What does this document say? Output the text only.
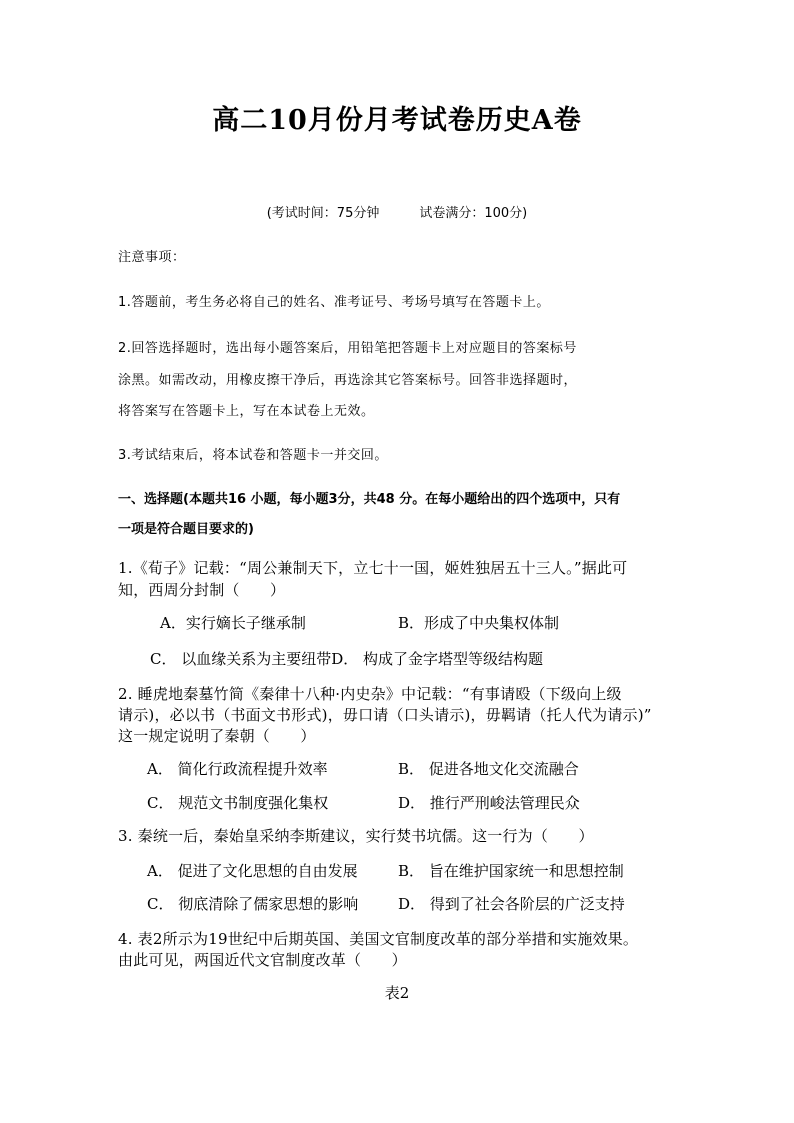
高二10月份月考试卷历史A卷
(考试时间：75分钟	试卷满分：100分)
注意事项：
1.答题前，考生务必将自己的姓名、准考证号、考场号填写在答题卡上。
2.回答选择题时，选出每小题答案后，用铅笔把答题卡上对应题目的答案标号
涂黑。如需改动，用橡皮擦干净后，再选涂其它答案标号。回答非选择题时，
将答案写在答题卡上，写在本试卷上无效。
3.考试结束后，将本试卷和答题卡一并交回。
一、选择题(本题共16 小题，每小题3分，共48 分。在每小题给出的四个选项中，只有
一项是符合题目要求的)
1.《荀子》记载：“周公兼制天下，立七十一国，姬姓独居五十三人。”据此可
知，西周分封制（　　）
A．实行嫡长子继承制	B．形成了中央集权体制
C． 以血缘关系为主要纽带D． 构成了金字塔型等级结构题
2. 睡虎地秦墓竹简《秦律十八种·内史杂》中记载：“有事请殴（下级向上级
请示)，必以书（书面文书形式)，毋口请（口头请示)，毋羁请（托人代为请示)”
这一规定说明了秦朝（　　）
A． 简化行政流程提升效率	B． 促进各地文化交流融合
C． 规范文书制度强化集权	D． 推行严刑峻法管理民众
3. 秦统一后，秦始皇采纳李斯建议，实行焚书坑儒。这一行为（　　）
A． 促进了文化思想的自由发展	B． 旨在维护国家统一和思想控制
C． 彻底清除了儒家思想的影响	D． 得到了社会各阶层的广泛支持
4. 表2所示为19世纪中后期英国、美国文官制度改革的部分举措和实施效果。
由此可见，两国近代文官制度改革（　　）
表2
